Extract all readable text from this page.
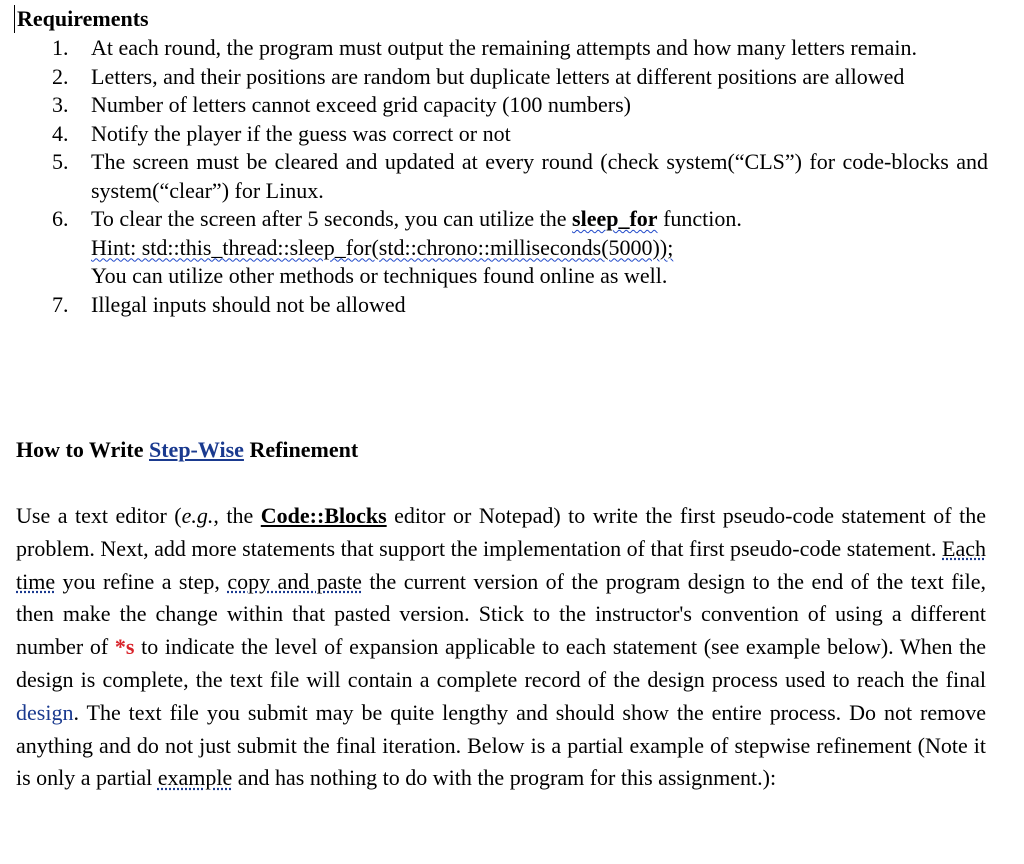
Requirements
1.	At each round, the program must output the remaining attempts and how many letters remain.
2.	Letters, and their positions are random but duplicate letters at different positions are allowed
3.	Number of letters cannot exceed grid capacity (100 numbers)
4.	Notify the player if the guess was correct or not
5.	The screen must be cleared and updated at every round (check system(“CLS”) for code-blocks and system(“clear”) for Linux.
6.	To clear the screen after 5 seconds, you can utilize the sleep_for function. Hint: std::this_thread::sleep_for(std::chrono::milliseconds(5000));
You can utilize other methods or techniques found online as well.
7.	Illegal inputs should not be allowed
How to Write Step-Wise Refinement

Use a text editor (e.g., the Code::Blocks editor or Notepad) to write the first pseudo-code statement of the problem. Next, add more statements that support the implementation of that first pseudo-code statement. Each time you refine a step, copy and paste the current version of the program design to the end of the text file, then make the change within that pasted version. Stick to the instructor's convention of using a different number of *s to indicate the level of expansion applicable to each statement (see example below). When the design is complete, the text file will contain a complete record of the design process used to reach the final design. The text file you submit may be quite lengthy and should show the entire process. Do not remove anything and do not just submit the final iteration. Below is a partial example of stepwise refinement (Note it is only a partial example and has nothing to do with the program for this assignment.):
